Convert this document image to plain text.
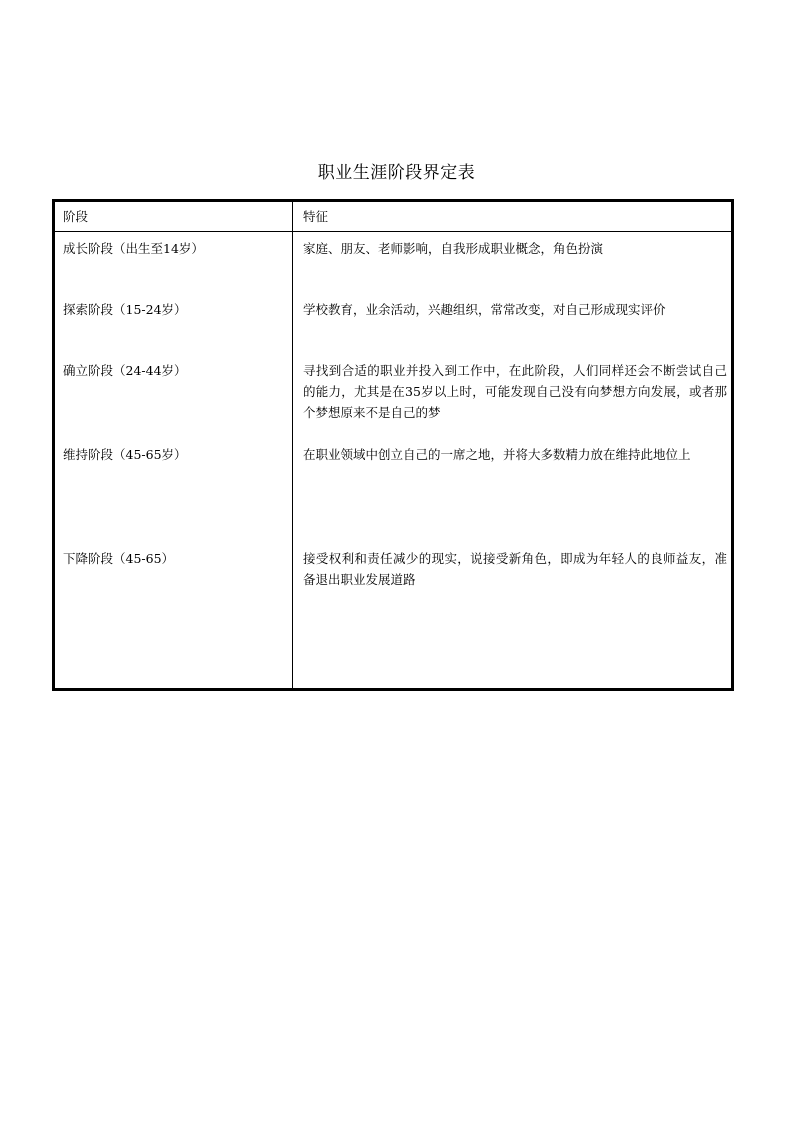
职业生涯阶段界定表
阶段	特征
成长阶段（出生至14岁）	家庭、朋友、老师影响，自我形成职业概念，角色扮演
探索阶段（15-24岁）	学校教育，业余活动，兴趣组织，常常改变，对自己形成现实评价
确立阶段（24-44岁）	寻找到合适的职业并投入到工作中，在此阶段，人们同样还会不断尝试自己的能力，尤其是在35岁以上时，可能发现自己没有向梦想方向发展，或者那个梦想原来不是自己的梦
维持阶段（45-65岁）	在职业领域中创立自己的一席之地，并将大多数精力放在维持此地位上
下降阶段（45-65）	接受权利和责任减少的现实，说接受新角色，即成为年轻人的良师益友，准备退出职业发展道路
